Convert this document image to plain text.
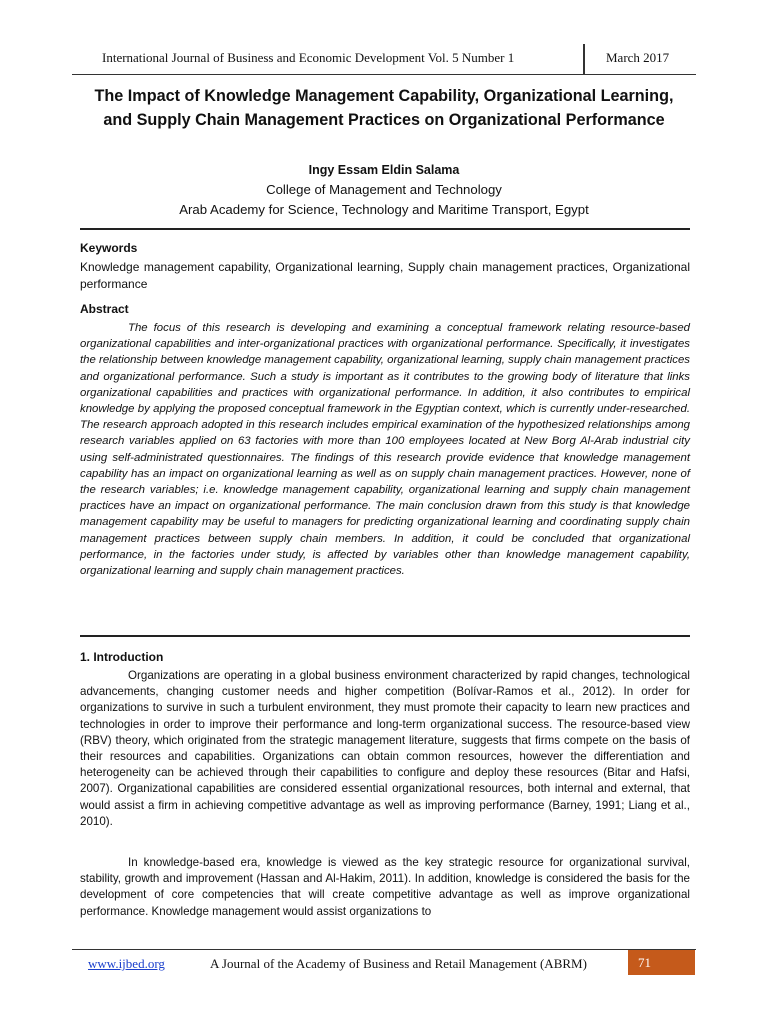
International Journal of Business and Economic Development Vol. 5 Number 1	March 2017
The Impact of Knowledge Management Capability, Organizational Learning, and Supply Chain Management Practices on Organizational Performance
Ingy Essam Eldin Salama
College of Management and Technology
Arab Academy for Science, Technology and Maritime Transport, Egypt
Keywords

Knowledge management capability, Organizational learning, Supply chain management practices, Organizational performance

Abstract

The focus of this research is developing and examining a conceptual framework relating resource-based organizational capabilities and inter-organizational practices with organizational performance. Specifically, it investigates the relationship between knowledge management capability, organizational learning, supply chain management practices and organizational performance. Such a study is important as it contributes to the growing body of literature that links organizational capabilities and practices with organizational performance. In addition, it also contributes to empirical knowledge by applying the proposed conceptual framework in the Egyptian context, which is currently under-researched. The research approach adopted in this research includes empirical examination of the hypothesized relationships among research variables applied on 63 factories with more than 100 employees located at New Borg Al-Arab industrial city using self-administrated questionnaires. The findings of this research provide evidence that knowledge management capability has an impact on organizational learning as well as on supply chain management practices. However, none of the research variables; i.e. knowledge management capability, organizational learning and supply chain management practices have an impact on organizational performance. The main conclusion drawn from this study is that knowledge management capability may be useful to managers for predicting organizational learning and coordinating supply chain management practices between supply chain members. In addition, it could be concluded that organizational performance, in the factories under study, is affected by variables other than knowledge management capability, organizational learning and supply chain management practices.

1. Introduction

Organizations are operating in a global business environment characterized by rapid changes, technological advancements, changing customer needs and higher competition (Bolívar-Ramos et al., 2012). In order for organizations to survive in such a turbulent environment, they must promote their capacity to learn new practices and technologies in order to improve their performance and long-term organizational success. The resource-based view (RBV) theory, which originated from the strategic management literature, suggests that firms compete on the basis of their resources and capabilities. Organizations can obtain common resources, however the differentiation and heterogeneity can be achieved through their capabilities to configure and deploy these resources (Bitar and Hafsi, 2007). Organizational capabilities are considered essential organizational resources, both internal and external, that would assist a firm in achieving competitive advantage as well as improving performance (Barney, 1991; Liang et al., 2010).

In knowledge-based era, knowledge is viewed as the key strategic resource for organizational survival, stability, growth and improvement (Hassan and Al-Hakim, 2011). In addition, knowledge is considered the basis for the development of core competencies that will create competitive advantage as well as improve organizational performance. Knowledge management would assist organizations to

www.ijbed.org	A Journal of the Academy of Business and Retail Management (ABRM)	71
